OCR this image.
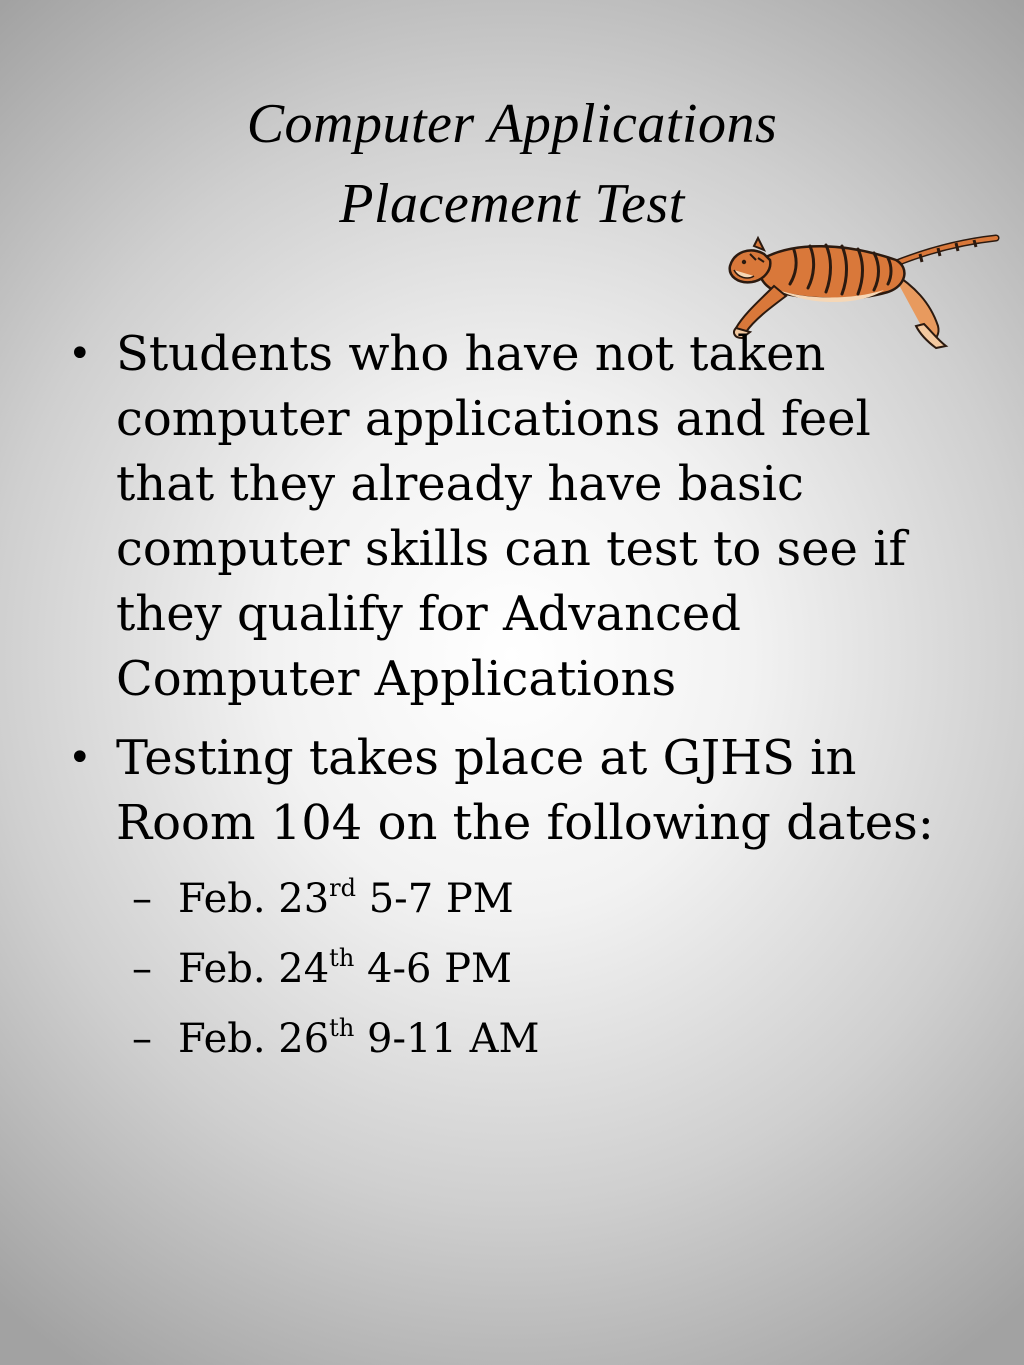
Computer Applications
Placement Test
• Students who have not taken computer applications and feel that they already have basic computer skills can test to see if they qualify for Advanced Computer Applications
• Testing takes place at GJHS in Room 104 on the following dates:
– Feb. 23rd 5-7 PM
– Feb. 24th 4-6 PM
– Feb. 26th 9-11 AM
